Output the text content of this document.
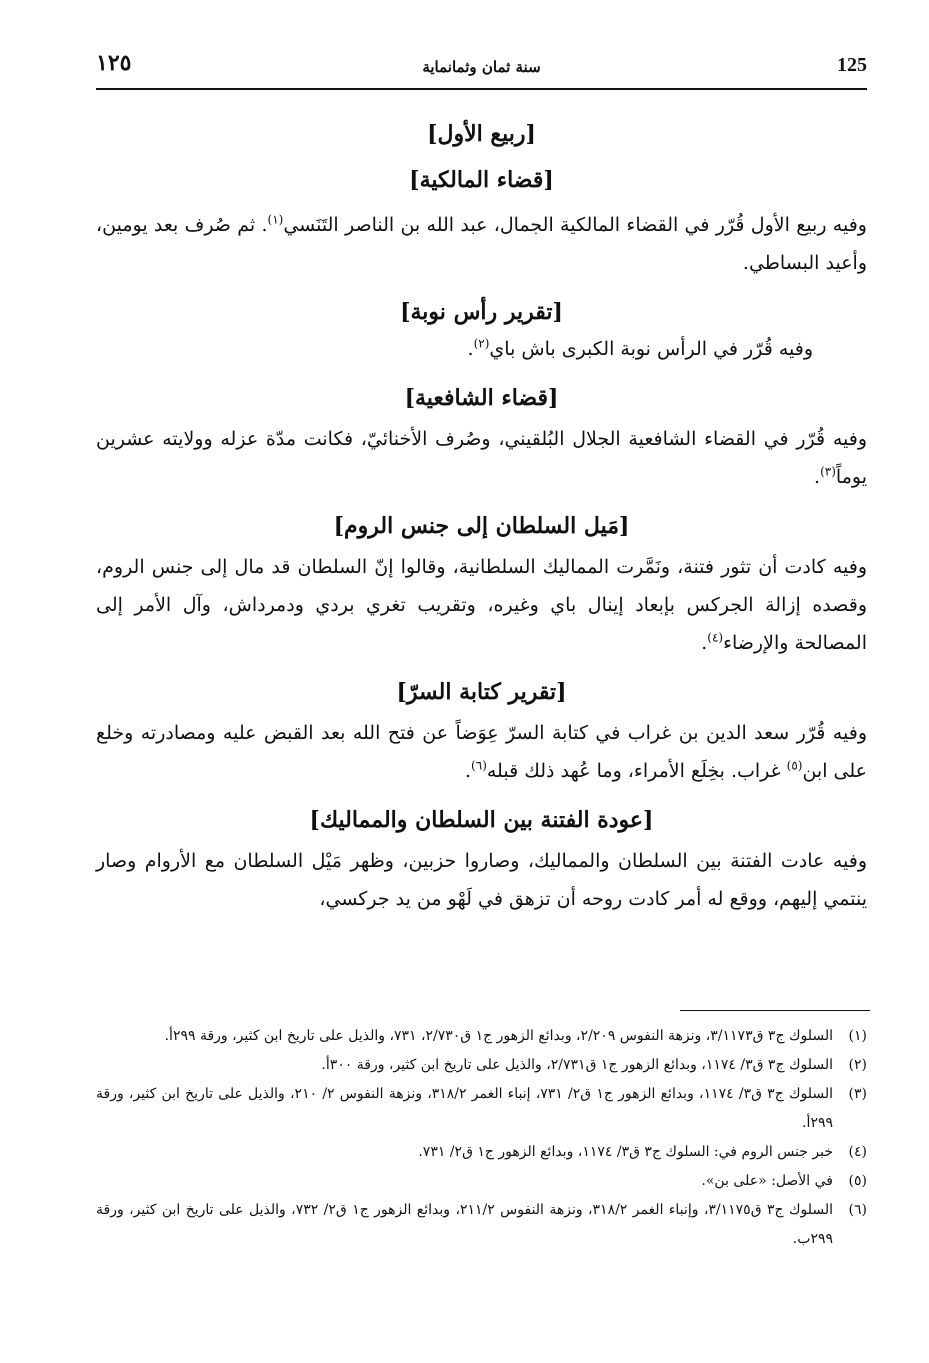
125
سنة ثمان وثمانماية
١٢٥
[ربيع الأول]
[قضاء المالكية]

وفيه ربيع الأول قُرّر في القضاء المالكية الجمال، عبد الله بن الناصر التَنَسي$^{(١)}$. ثم صُرف بعد يومين، وأعيد البساطي.

[تقرير رأس نوبة]

وفيه قُرّر في الرأس نوبة الكبرى باش باي$^{(٢)}$.

[قضاء الشافعية]

وفيه قُرّر في القضاء الشافعية الجلال البُلقيني، وصُرف الأخنائيّ، فكانت مدّة عزله وولايته عشرين يوماً$^{(٣)}$.

[مَيل السلطان إلى جنس الروم]

وفيه كادت أن تثور فتنة، ونَمَّرت المماليك السلطانية، وقالوا إنّ السلطان قد مال إلى جنس الروم، وقصده إزالة الجركس بإبعاد إينال باي وغيره، وتقريب تغري بردي ودمرداش، وآل الأمر إلى المصالحة والإرضاء$^{(٤)}$.

[تقرير كتابة السرّ]

وفيه قُرّر سعد الدين بن غراب في كتابة السرّ عِوَضاً عن فتح الله بعد القبض عليه ومصادرته وخلع على ابن$^{(٥)}$ غراب. بخِلَع الأمراء، وما عُهد ذلك قبله$^{(٦)}$.

[عودة الفتنة بين السلطان والمماليك]

وفيه عادت الفتنة بين السلطان والمماليك، وصاروا حزبين، وظهر مَيْل السلطان مع الأروام وصار ينتمي إليهم، ووقع له أمر كادت روحه أن تزهق في لَهْو من يد جركسي،

(١)
السلوك ج٣ ق٣/١١٧٣، ونزهة النفوس ٢/٢٠٩، وبدائع الزهور ج١ ق٢/٧٣٠، ٧٣١، والذيل على تاريخ ابن كثير، ورقة ٢٩٩أ.
(٢)
السلوك ج٣ ق٣/ ١١٧٤، وبدائع الزهور ج١ ق٢/٧٣١، والذيل على تاريخ ابن كثير، ورقة ٣٠٠أ.
(٣)
السلوك ج٣ ق٣/ ١١٧٤، وبدائع الزهور ج١ ق٢/ ٧٣١، إنباء الغمر ٣١٨/٢، ونزهة النفوس ٢/ ٢١٠، والذيل على تاريخ ابن كثير، ورقة ٢٩٩أ.
(٤)
خبر جنس الروم في: السلوك ج٣ ق٣/ ١١٧٤، وبدائع الزهور ج١ ق٢/ ٧٣١.
(٥)
في الأصل: «على بن».
(٦)
السلوك ج٣ ق٣/١١٧٥، وإنباء الغمر ٣١٨/٢، ونزهة النفوس ٢١١/٢، وبدائع الزهور ج١ ق٢/ ٧٣٢، والذيل على تاريخ ابن كثير، ورقة ٢٩٩ب.
